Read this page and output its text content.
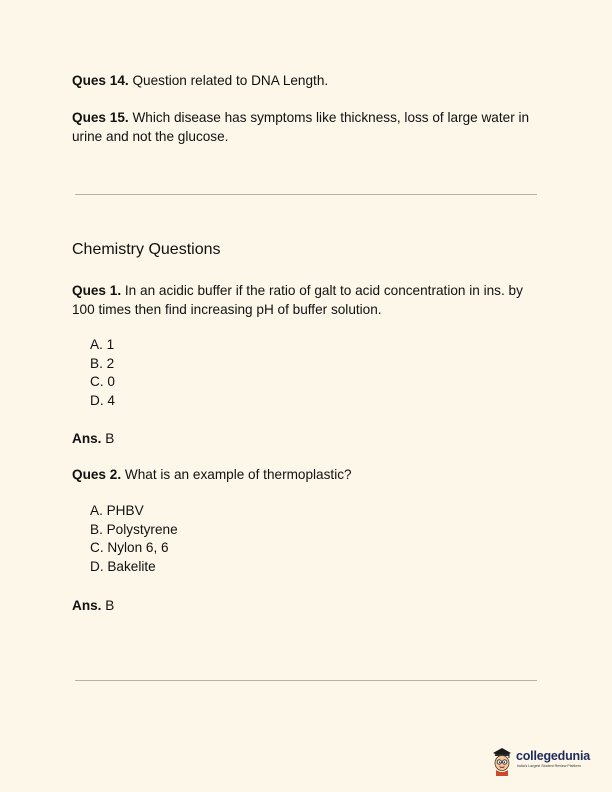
Ques 14. Question related to DNA Length.

Ques 15. Which disease has symptoms like thickness, loss of large water in urine and not the glucose.

Chemistry Questions

Ques 1. In an acidic buffer if the ratio of galt to acid concentration in ins. by 100 times then find increasing pH of buffer solution.

A. 1
B. 2
C. 0
D. 4

Ans. B

Ques 2. What is an example of thermoplastic?

A. PHBV
B. Polystyrene
C. Nylon 6, 6
D. Bakelite

Ans. B

collegedunia
India's Largest Student Review Platform
